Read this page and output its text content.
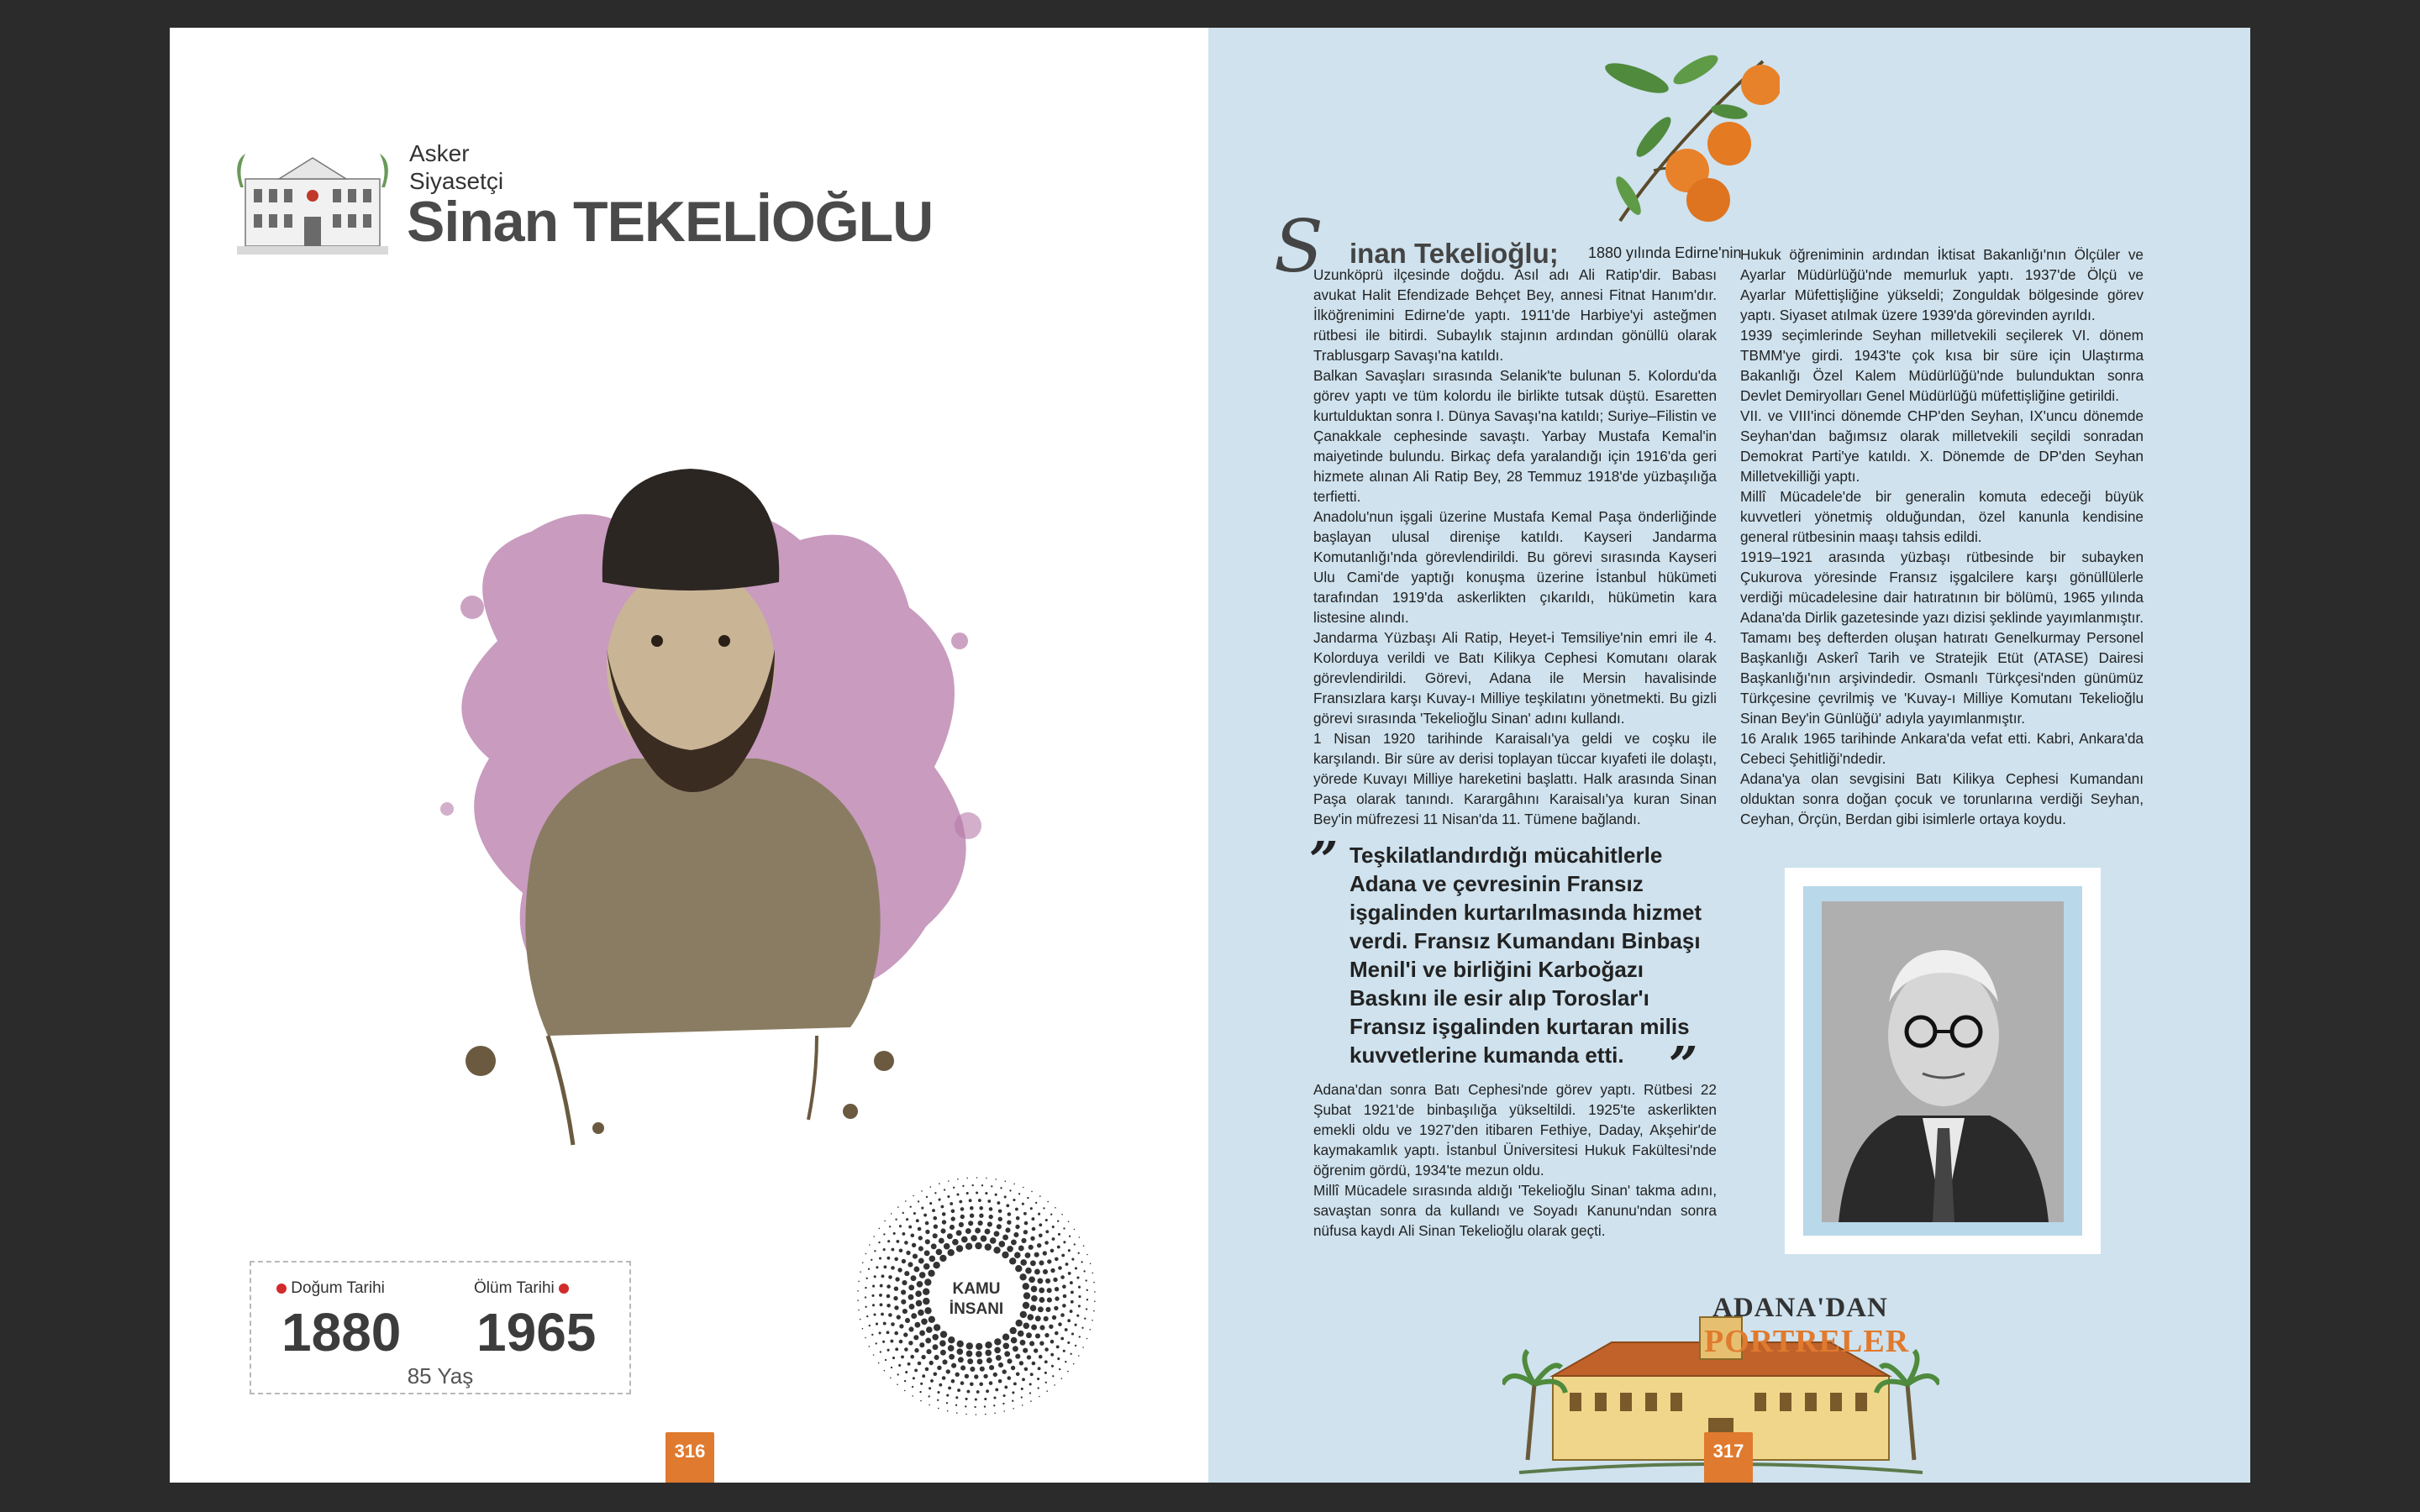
Asker
Siyasetçi
Sinan TEKELİOĞLU
Doğum Tarihi
1880
Ölüm Tarihi
1965
85 Yaş
KAMU
İNSANI
316
S inan Tekelioğlu; 1880 yılında Edirne'nin

Uzunköprü ilçesinde doğdu. Asıl adı Ali Ratip'dir. Babası avukat Halit Efendizade Behçet Bey, annesi Fitnat Hanım'dır. İlköğrenimini Edirne'de yaptı. 1911'de Harbiye'yi asteğmen rütbesi ile bitirdi. Subaylık stajının ardından gönüllü olarak Trablusgarp Savaşı'na katıldı.

Balkan Savaşları sırasında Selanik'te bulunan 5. Kolordu'da görev yaptı ve tüm kolordu ile birlikte tutsak düştü. Esaretten kurtulduktan sonra I. Dünya Savaşı'na katıldı; Suriye–Filistin ve Çanakkale cephesinde savaştı. Yarbay Mustafa Kemal'in maiyetinde bulundu. Birkaç defa yaralandığı için 1916'da geri hizmete alınan Ali Ratip Bey, 28 Temmuz 1918'de yüzbaşılığa terfietti.

Anadolu'nun işgali üzerine Mustafa Kemal Paşa önderliğinde başlayan ulusal direnişe katıldı. Kayseri Jandarma Komutanlığı'nda görevlendirildi. Bu görevi sırasında Kayseri Ulu Cami'de yaptığı konuşma üzerine İstanbul hükümeti tarafından 1919'da askerlikten çıkarıldı, hükümetin kara listesine alındı.

Jandarma Yüzbaşı Ali Ratip, Heyet-i Temsiliye'nin emri ile 4. Kolorduya verildi ve Batı Kilikya Cephesi Komutanı olarak görevlendirildi. Görevi, Adana ile Mersin havalisinde Fransızlara karşı Kuvay-ı Milliye teşkilatını yönetmekti. Bu gizli görevi sırasında 'Tekelioğlu Sinan' adını kullandı.

1 Nisan 1920 tarihinde Karaisalı'ya geldi ve coşku ile karşılandı. Bir süre av derisi toplayan tüccar kıyafeti ile dolaştı, yörede Kuvayı Milliye hareketini başlattı. Halk arasında Sinan Paşa olarak tanındı. Karargâhını Karaisalı'ya kuran Sinan Bey'in müfrezesi 11 Nisan'da 11. Tümene bağlandı.

Hukuk öğreniminin ardından İktisat Bakanlığı'nın Ölçüler ve Ayarlar Müdürlüğü'nde memurluk yaptı. 1937'de Ölçü ve Ayarlar Müfettişliğine yükseldi; Zonguldak bölgesinde görev yaptı. Siyaset atılmak üzere 1939'da görevinden ayrıldı.

1939 seçimlerinde Seyhan milletvekili seçilerek VI. dönem TBMM'ye girdi. 1943'te çok kısa bir süre için Ulaştırma Bakanlığı Özel Kalem Müdürlüğü'nde bulunduktan sonra Devlet Demiryolları Genel Müdürlüğü müfettişliğine getirildi.

VII. ve VIII'inci dönemde CHP'den Seyhan, IX'uncu dönemde Seyhan'dan bağımsız olarak milletvekili seçildi sonradan Demokrat Parti'ye katıldı. X. Dönemde de DP'den Seyhan Milletvekilliği yaptı.

Millî Mücadele'de bir generalin komuta edeceği büyük kuvvetleri yönetmiş olduğundan, özel kanunla kendisine general rütbesinin maaşı tahsis edildi.

1919–1921 arasında yüzbaşı rütbesinde bir subayken Çukurova yöresinde Fransız işgalcilere karşı gönüllülerle verdiği mücadelesine dair hatıratının bir bölümü, 1965 yılında Adana'da Dirlik gazetesinde yazı dizisi şeklinde yayımlanmıştır. Tamamı beş defterden oluşan hatıratı Genelkurmay Personel Başkanlığı Askerî Tarih ve Stratejik Etüt (ATASE) Dairesi Başkanlığı'nın arşivindedir. Osmanlı Türkçesi'nden günümüz Türkçesine çevrilmiş ve 'Kuvay-ı Milliye Komutanı Tekelioğlu Sinan Bey'in Günlüğü' adıyla yayımlanmıştır.

16 Aralık 1965 tarihinde Ankara'da vefat etti. Kabri, Ankara'da Cebeci Şehitliği'ndedir.

Adana'ya olan sevgisini Batı Kilikya Cephesi Kumandanı olduktan sonra doğan çocuk ve torunlarına verdiği Seyhan, Ceyhan, Örçün, Berdan gibi isimlerle ortaya koydu.

” Teşkilatlandırdığı mücahitlerle Adana ve çevresinin Fransız işgalinden kurtarılmasında hizmet verdi. Fransız Kumandanı Binbaşı Menil'i ve birliğini Karboğazı Baskını ile esir alıp Toroslar'ı Fransız işgalinden kurtaran milis kuvvetlerine kumanda etti. ”

Adana'dan sonra Batı Cephesi'nde görev yaptı. Rütbesi 22 Şubat 1921'de binbaşılığa yükseltildi. 1925'te askerlikten emekli oldu ve 1927'den itibaren Fethiye, Daday, Akşehir'de kaymakamlık yaptı. İstanbul Üniversitesi Hukuk Fakültesi'nde öğrenim gördü, 1934'te mezun oldu.

Millî Mücadele sırasında aldığı 'Tekelioğlu Sinan' takma adını, savaştan sonra da kullandı ve Soyadı Kanunu'ndan sonra nüfusa kaydı Ali Sinan Tekelioğlu olarak geçti.

ADANA'DAN
PORTRELER
317
